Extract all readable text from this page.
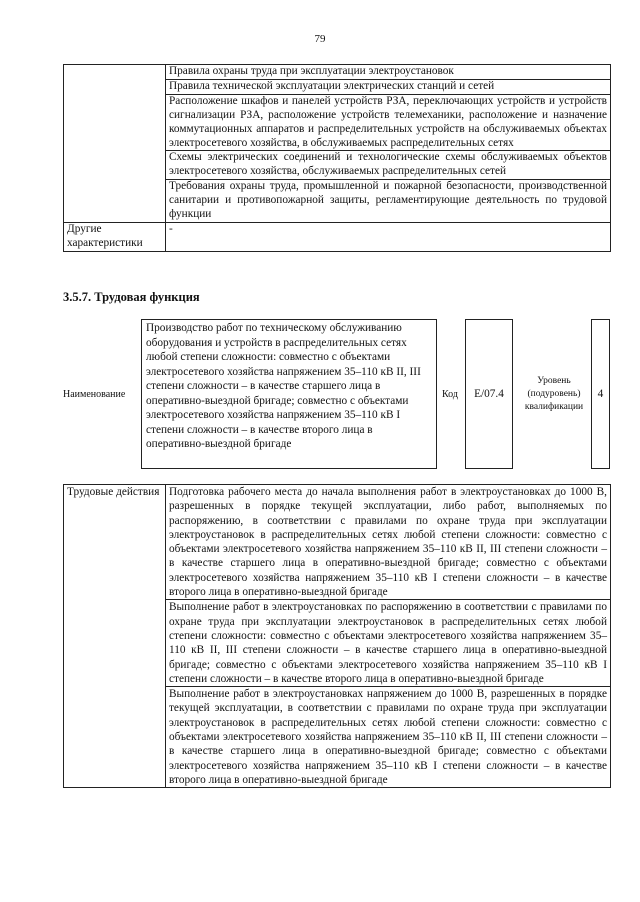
79
	Правила охраны труда при эксплуатации электроустановок
	Правила технической эксплуатации электрических станций и сетей
	Расположение шкафов и панелей устройств РЗА, переключающих устройств и устройств сигнализации РЗА, расположение устройств телемеханики, расположение и назначение коммутационных аппаратов и распределительных устройств на обслуживаемых объектах электросетевого хозяйства, в обслуживаемых распределительных сетях
	Схемы электрических соединений и технологические схемы обслуживаемых объектов электросетевого хозяйства, обслуживаемых распределительных сетей
	Требования охраны труда, промышленной и пожарной безопасности, производственной санитарии и противопожарной защиты, регламентирующие деятельность по трудовой функции
Другие характеристики	-
3.5.7. Трудовая функция
Наименование
Производство работ по техническому обслуживанию оборудования и устройств в распределительных сетях любой степени сложности: совместно с объектами электросетевого хозяйства напряжением 35–110 кВ II, III степени сложности – в качестве старшего лица в оперативно-выездной бригаде; совместно с объектами электросетевого хозяйства напряжением 35–110 кВ I степени сложности – в качестве второго лица в оперативно-выездной бригаде
Код E/07.4
Уровень (подуровень) квалификации
4
Трудовые действия	Подготовка рабочего места до начала выполнения работ в электроустановках до 1000 В, разрешенных в порядке текущей эксплуатации, либо работ, выполняемых по распоряжению, в соответствии с правилами по охране труда при эксплуатации электроустановок в распределительных сетях любой степени сложности: совместно с объектами электросетевого хозяйства напряжением 35–110 кВ II, III степени сложности – в качестве старшего лица в оперативно-выездной бригаде; совместно с объектами электросетевого хозяйства напряжением 35–110 кВ I степени сложности – в качестве второго лица в оперативно-выездной бригаде
Выполнение работ в электроустановках по распоряжению в соответствии с правилами по охране труда при эксплуатации электроустановок в распределительных сетях любой степени сложности: совместно с объектами электросетевого хозяйства напряжением 35–110 кВ II, III степени сложности – в качестве старшего лица в оперативно-выездной бригаде; совместно с объектами электросетевого хозяйства напряжением 35–110 кВ I степени сложности – в качестве второго лица в оперативно-выездной бригаде
Выполнение работ в электроустановках напряжением до 1000 В, разрешенных в порядке текущей эксплуатации, в соответствии с правилами по охране труда при эксплуатации электроустановок в распределительных сетях любой степени сложности: совместно с объектами электросетевого хозяйства напряжением 35–110 кВ II, III степени сложности – в качестве старшего лица в оперативно-выездной бригаде; совместно с объектами электросетевого хозяйства напряжением 35–110 кВ I степени сложности – в качестве второго лица в оперативно-выездной бригаде
